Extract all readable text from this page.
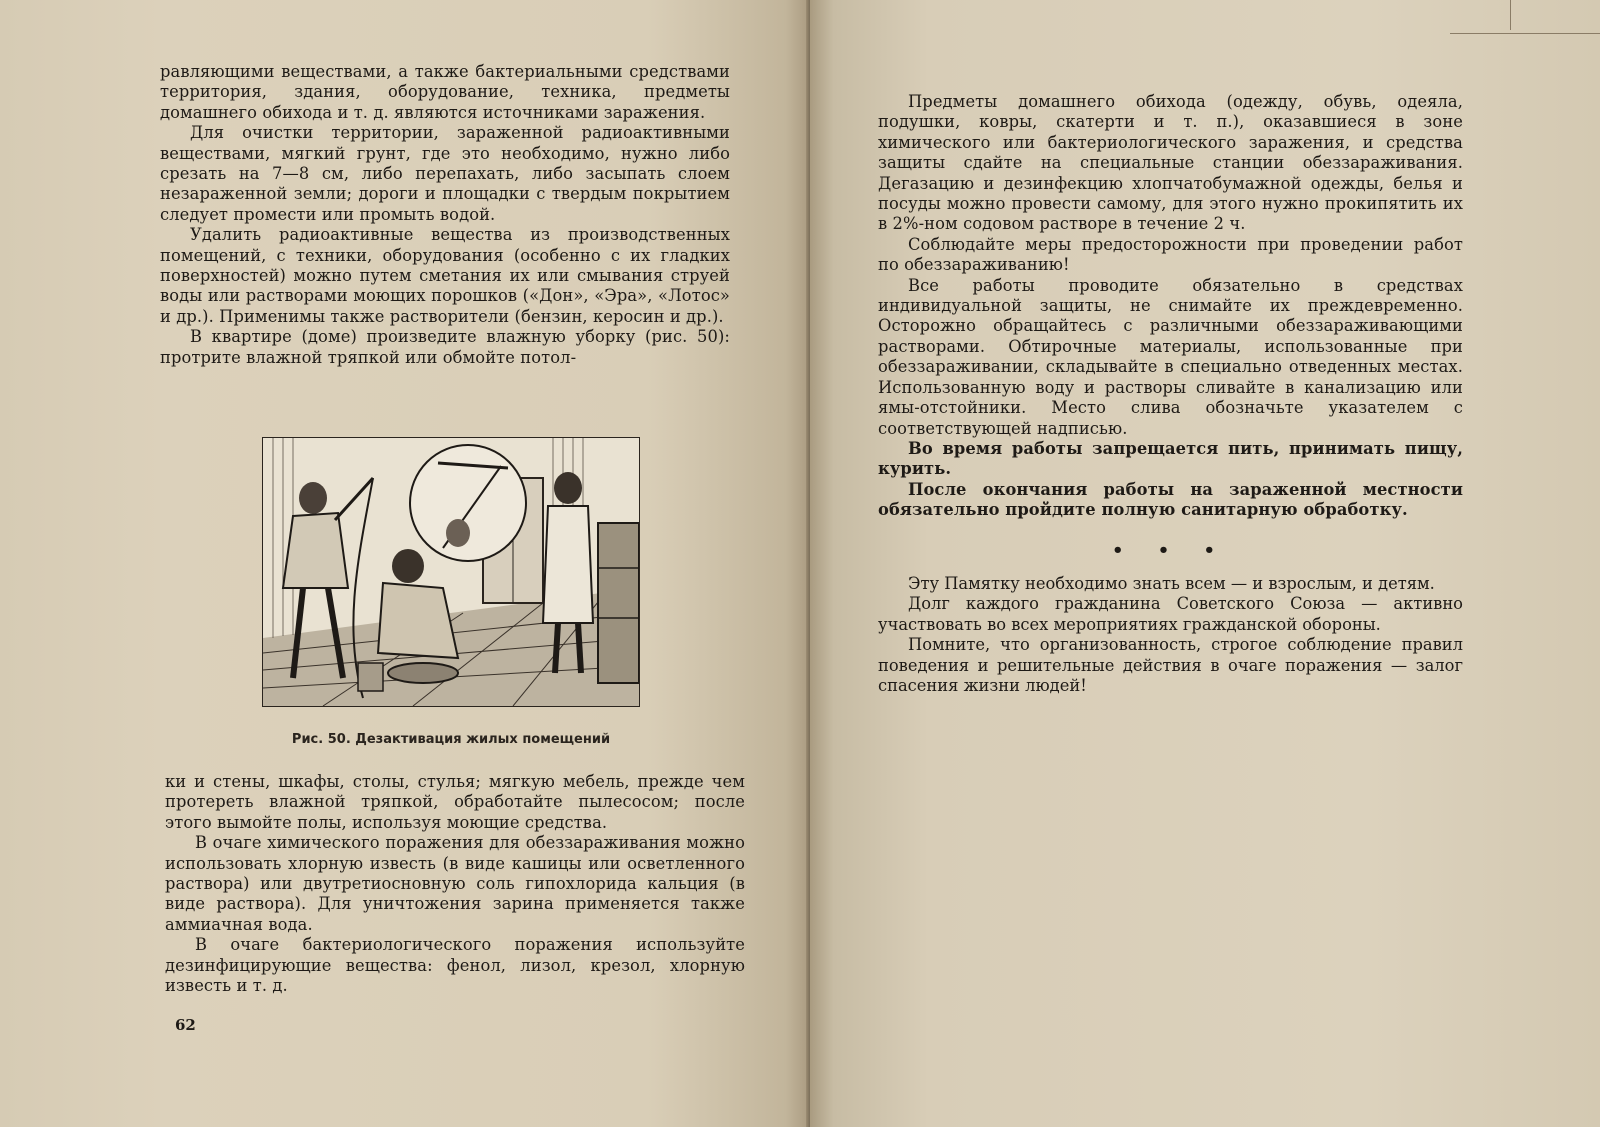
равляющими веществами, а также бактериальными средствами территория, здания, оборудование, техника, предметы домашнего обихода и т. д. являются источниками заражения.

Для очистки территории, зараженной радиоактивными веществами, мягкий грунт, где это необходимо, нужно либо срезать на 7—8 см, либо перепахать, либо засыпать слоем незараженной земли; дороги и площадки с твердым покрытием следует промести или промыть водой.

Удалить радиоактивные вещества из производственных помещений, с техники, оборудования (особенно с их гладких поверхностей) можно путем сметания их или смывания струей воды или растворами моющих порошков («Дон», «Эра», «Лотос» и др.). Применимы также растворители (бензин, керосин и др.).

В квартире (доме) произведите влажную уборку (рис. 50): протрите влажной тряпкой или обмойте потол-

Рис. 50. Дезактивация жилых помещений

ки и стены, шкафы, столы, стулья; мягкую мебель, прежде чем протереть влажной тряпкой, обработайте пылесосом; после этого вымойте полы, используя моющие средства.

В очаге химического поражения для обеззараживания можно использовать хлорную известь (в виде кашицы или осветленного раствора) или двутретиосновную соль гипохлорида кальция (в виде раствора). Для уничтожения зарина применяется также аммиачная вода.

В очаге бактериологического поражения используйте дезинфицирующие вещества: фенол, лизол, крезол, хлорную известь и т. д.

62

Предметы домашнего обихода (одежду, обувь, одеяла, подушки, ковры, скатерти и т. п.), оказавшиеся в зоне химического или бактериологического заражения, и средства защиты сдайте на специальные станции обеззараживания. Дегазацию и дезинфекцию хлопчатобумажной одежды, белья и посуды можно провести самому, для этого нужно прокипятить их в 2%-ном содовом растворе в течение 2 ч.

Соблюдайте меры предосторожности при проведении работ по обеззараживанию!

Все работы проводите обязательно в средствах индивидуальной защиты, не снимайте их преждевременно. Осторожно обращайтесь с различными обеззараживающими растворами. Обтирочные материалы, использованные при обеззараживании, складывайте в специально отведенных местах. Использованную воду и растворы сливайте в канализацию или ямы-отстойники. Место слива обозначьте указателем с соответствующей надписью.

Во время работы запрещается пить, принимать пищу, курить.

После окончания работы на зараженной местности обязательно пройдите полную санитарную обработку.

• • •

Эту Памятку необходимо знать всем — и взрослым, и детям.

Долг каждого гражданина Советского Союза — активно участвовать во всех мероприятиях гражданской обороны.

Помните, что организованность, строгое соблюдение правил поведения и решительные действия в очаге поражения — залог спасения жизни людей!
